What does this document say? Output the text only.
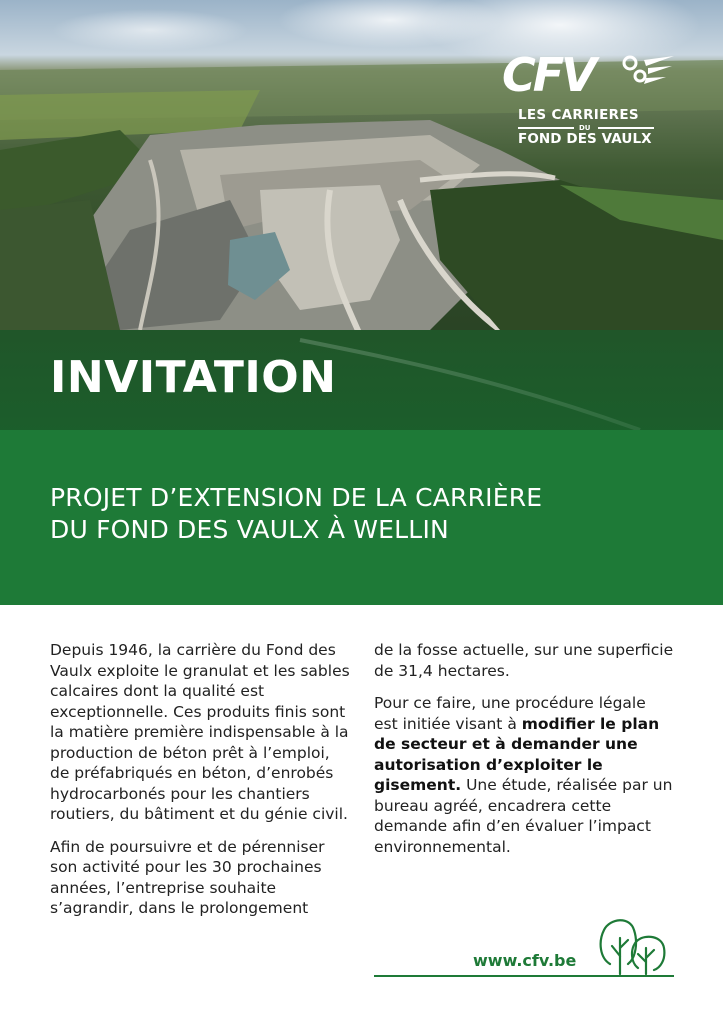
INVITATION
CFV
LES CARRIERES
DU
FOND DES VAULX
PROJET D’EXTENSION DE LA CARRIÈRE
DU FOND DES VAULX À WELLIN

Depuis 1946, la carrière du Fond des Vaulx exploite le granulat et les sables calcaires dont la qualité est exceptionnelle. Ces produits finis sont la matière première indispensable à la production de béton prêt à l’emploi, de préfabriqués en béton, d’enrobés hydrocarbonés pour les chantiers routiers, du bâtiment et du génie civil.

Afin de poursuivre et de pérenniser son activité pour les 30 prochaines années, l’entreprise souhaite s’agrandir, dans le prolongement

de la fosse actuelle, sur une superficie de 31,4 hectares.

Pour ce faire, une procédure légale est initiée visant à modifier le plan de secteur et à demander une autorisation d’exploiter le gisement. Une étude, réalisée par un bureau agréé, encadrera cette demande afin d’en évaluer l’impact environnemental.

www.cfv.be
